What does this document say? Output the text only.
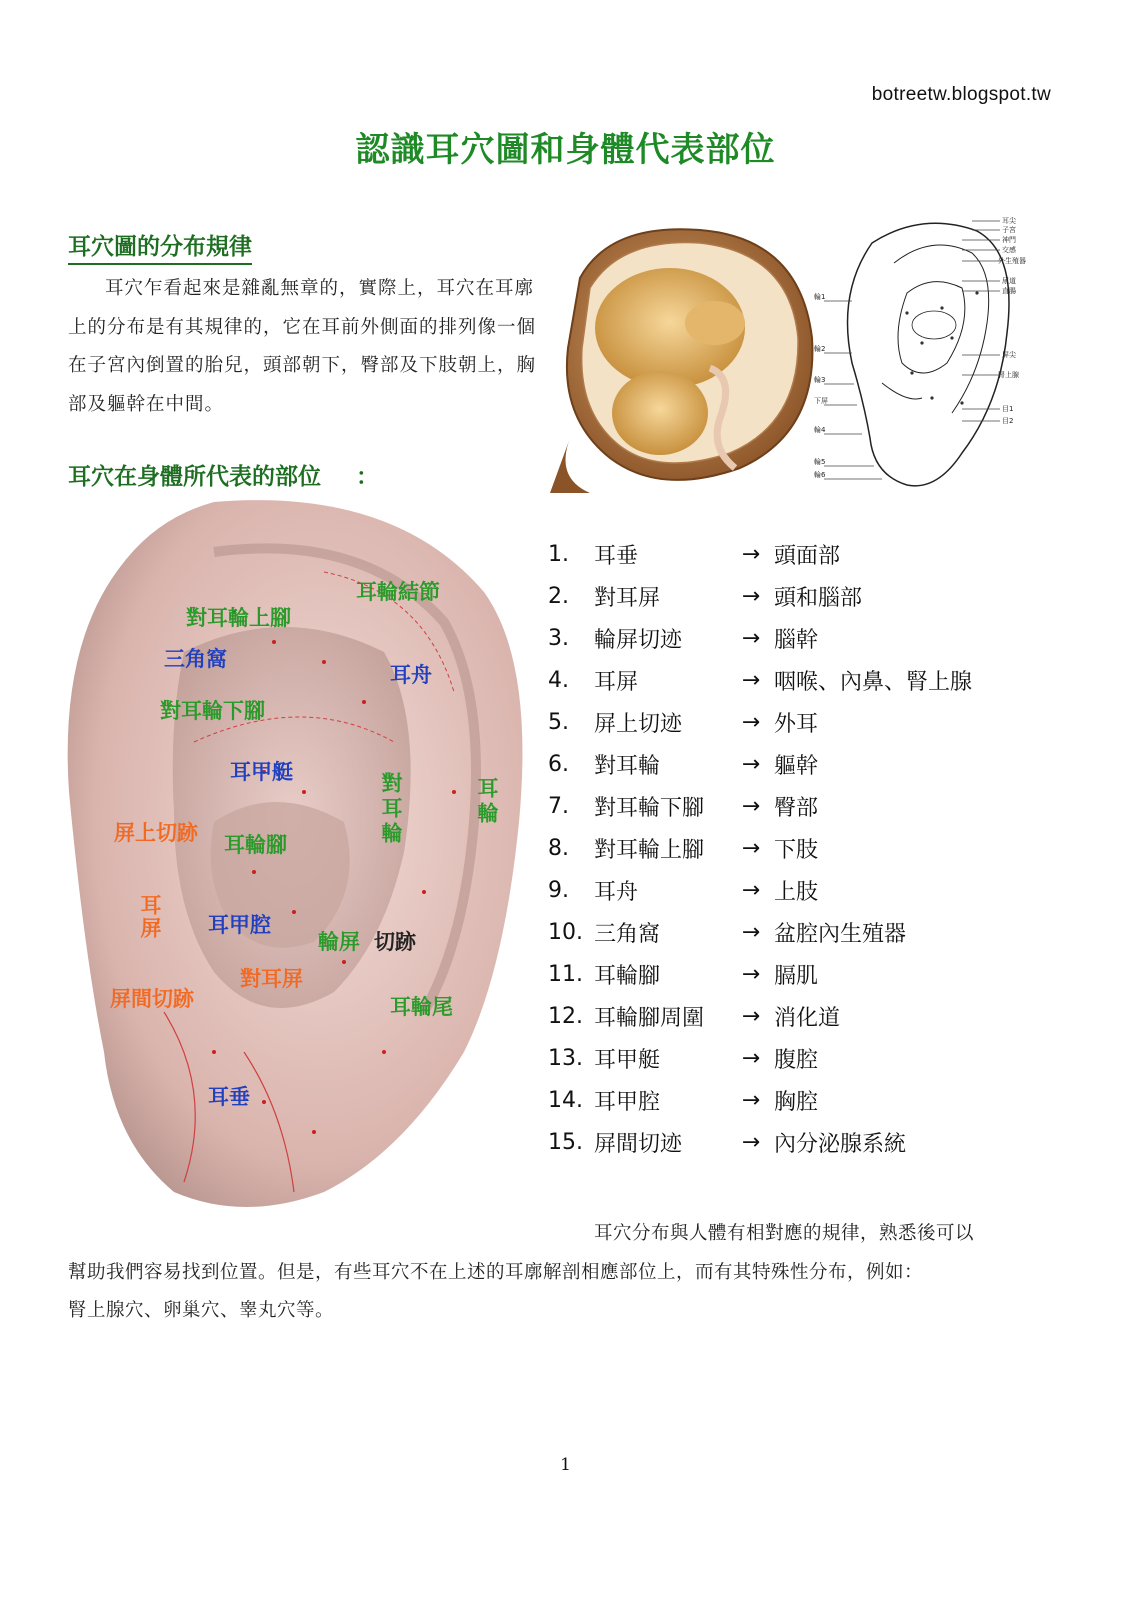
botreetw.blogspot.tw
認識耳穴圖和身體代表部位
耳穴圖的分布規律
耳穴乍看起來是雜亂無章的，實際上，耳穴在耳廓上的分布是有其規律的，它在耳前外側面的排列像一個在子宮內倒置的胎兒，頭部朝下，臀部及下肢朝上，胸部及軀幹在中間。
耳尖
子宮
神門
交感
外生殖器
尿道
直腸
屏尖
腎上腺
目1
目2
輪1
輪2
輪3
下屏
輪4
輪5
輪6
耳穴在身體所代表的部位 ：
耳輪結節
對耳輪上腳
三角窩
耳舟
對耳輪下腳
耳甲艇	對耳輪	耳輪
屏上切跡 耳輪腳
耳屏 耳甲腔
輪屏 切跡
對耳屏
屏間切跡	耳輪尾
耳垂
1.	耳垂	→ 頭面部
2.	對耳屏	→ 頭和腦部
3.	輪屏切迹	→ 腦幹
4.	耳屏	→ 咽喉、內鼻、腎上腺
5.	屏上切迹	→ 外耳
6.	對耳輪	→ 軀幹
7.	對耳輪下腳	→ 臀部
8.	對耳輪上腳	→ 下肢
9.	耳舟	→ 上肢
10. 三角窩	→ 盆腔內生殖器
11. 耳輪腳	→ 膈肌
12. 耳輪腳周圍	→ 消化道
13. 耳甲艇	→ 腹腔
14. 耳甲腔	→ 胸腔
15. 屏間切迹	→ 內分泌腺系統
耳穴分布與人體有相對應的規律，熟悉後可以
幫助我們容易找到位置。但是，有些耳穴不在上述的耳廓解剖相應部位上，而有其特殊性分布，例如：
腎上腺穴、卵巢穴、睾丸穴等。
1
